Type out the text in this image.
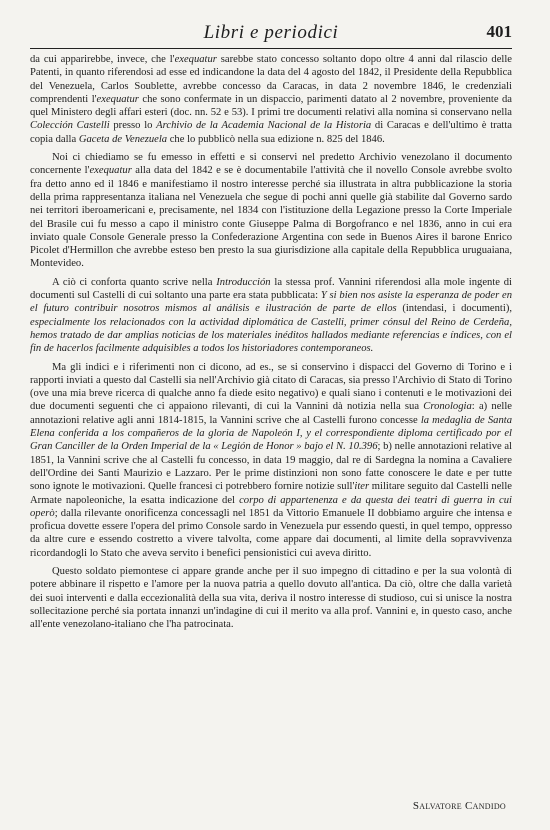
Libri e periodici	401

da cui apparirebbe, invece, che l'exequatur sarebbe stato concesso soltanto dopo oltre 4 anni dal rilascio delle Patenti, in quanto riferendosi ad esse ed indicandone la data del 4 agosto del 1842, il Presidente della Repubblica del Venezuela, Carlos Soublette, avrebbe concesso da Caracas, in data 2 novembre 1846, le credenziali comprendenti l'exequatur che sono confermate in un dispaccio, parimenti datato al 2 novembre, proveniente da quel Ministero degli affari esteri (doc. nn. 52 e 53). I primi tre documenti relativi alla nomina si conservano nella Colección Castelli presso lo Archivio de la Academia Nacional de la Historia di Caracas e dell'ultimo è tratta copia dalla Gaceta de Venezuela che lo pubblicò nella sua edizione n. 825 del 1846.

Noi ci chiediamo se fu emesso in effetti e si conservi nel predetto Archivio venezolano il documento concernente l'exequatur alla data del 1842 e se è documentabile l'attività che il novello Console avrebbe svolto fra detto anno ed il 1846 e manifestiamo il nostro interesse perché sia illustrata in altra pubblicazione la storia della prima rappresentanza italiana nel Venezuela che segue di pochi anni quelle già stabilite dal Governo sardo nei territori iberoamericani e, precisamente, nel 1834 con l'istituzione della Legazione presso la Corte Imperiale del Brasile cui fu messo a capo il ministro conte Giuseppe Palma di Borgofranco e nel 1836, anno in cui era inviato quale Console Generale presso la Confederazione Argentina con sede in Buenos Aires il barone Enrico Picolet d'Hermillon che avrebbe esteso ben presto la sua giurisdizione alla capitale della Repubblica uruguaiana, Montevideo.

A ciò ci conforta quanto scrive nella Introducción la stessa prof. Vannini riferendosi alla mole ingente di documenti sul Castelli di cui soltanto una parte era stata pubblicata: Y si bien nos asiste la esperanza de poder en el futuro contribuir nosotros mismos al análisis e ilustración de parte de ellos (intendasi, i documenti), especialmente los relacionados con la actividad diplomática de Castelli, primer cónsul del Reino de Cerdeña, hemos tratado de dar amplias noticias de los materiales inéditos hallados mediante referencias e índices, con el fin de hacerlos facilmente adquisibles a todos los historiadores contemporaneos.

Ma gli indici e i riferimenti non ci dicono, ad es., se si conservino i dispacci del Governo di Torino e i rapporti inviati a questo dal Castelli sia nell'Archivio già citato di Caracas, sia presso l'Archivio di Stato di Torino (ove una mia breve ricerca di qualche anno fa diede esito negativo) e quali siano i contenuti e le motivazioni dei due documenti seguenti che ci appaiono rilevanti, di cui la Vannini dà notizia nella sua Cronologia: a) nelle annotazioni relative agli anni 1814-1815, la Vannini scrive che al Castelli furono concesse la medaglia de Santa Elena conferida a los compañeros de la gloria de Napoleón I, y el correspondiente diploma certificado por el Gran Canciller de la Orden Imperial de la « Legión de Honor » bajo el N. 10.396; b) nelle annotazioni relative al 1851, la Vannini scrive che al Castelli fu concesso, in data 19 maggio, dal re di Sardegna la nomina a Cavaliere dell'Ordine dei Santi Maurizio e Lazzaro. Per le prime distinzioni non sono fatte conoscere le date e per tutte sono ignote le motivazioni. Quelle francesi ci potrebbero fornire notizie sull'iter militare seguito dal Castelli nelle Armate napoleoniche, la esatta indicazione del corpo di appartenenza e da questa dei teatri di guerra in cui operò; dalla rilevante onorificenza concessagli nel 1851 da Vittorio Emanuele II dobbiamo arguire che intensa e proficua dovette essere l'opera del primo Console sardo in Venezuela pur essendo questi, in quel tempo, oppresso da altre cure e essendo costretto a vivere talvolta, come appare dai documenti, al limite della sopravvivenza ricordandogli lo Stato che aveva servito i benefici pensionistici cui aveva diritto.

Questo soldato piemontese ci appare grande anche per il suo impegno di cittadino e per la sua volontà di potere abbinare il rispetto e l'amore per la nuova patria a quello dovuto all'antica. Da ciò, oltre che dalla varietà dei suoi interventi e dalla eccezionalità della sua vita, deriva il nostro interesse di studioso, cui si unisce la nostra sollecitazione perché sia portata innanzi un'indagine di cui il merito va alla prof. Vannini e, in questo caso, anche all'ente venezolano-italiano che l'ha patrocinata.

Salvatore Candido
